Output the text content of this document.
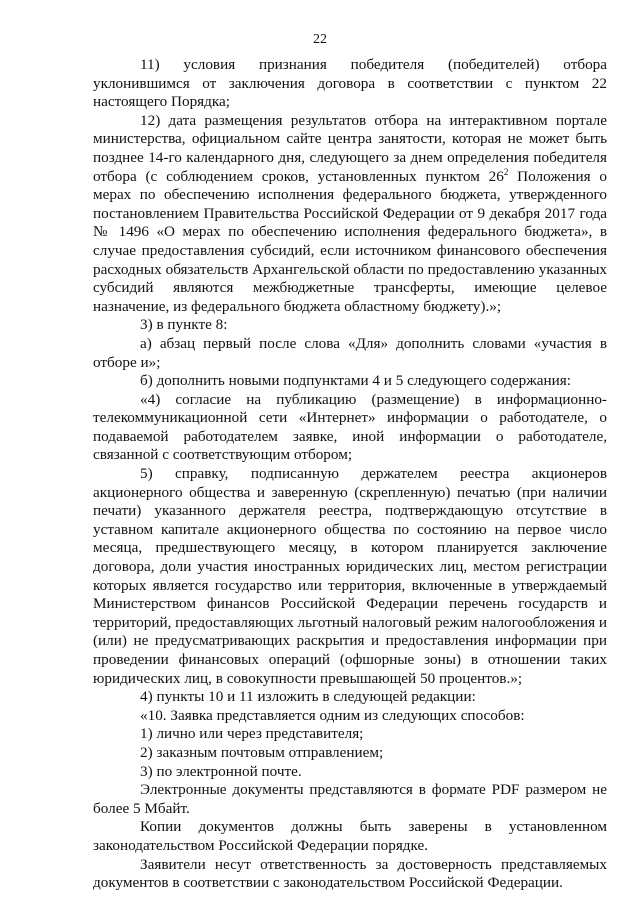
22

11) условия признания победителя (победителей) отбора уклонившимся от заключения договора в соответствии с пунктом 22 настоящего Порядка;

12) дата размещения результатов отбора на интерактивном портале министерства, официальном сайте центра занятости, которая не может быть позднее 14-го календарного дня, следующего за днем определения победителя отбора (с соблюдением сроков, установленных пунктом $26^2$ Положения о мерах по обеспечению исполнения федерального бюджета, утвержденного постановлением Правительства Российской Федерации от 9 декабря 2017 года № 1496 «О мерах по обеспечению исполнения федерального бюджета», в случае предоставления субсидий, если источником финансового обеспечения расходных обязательств Архангельской области по предоставлению указанных субсидий являются межбюджетные трансферты, имеющие целевое назначение, из федерального бюджета областному бюджету).»;

3) в пункте 8:

а) абзац первый после слова «Для» дополнить словами «участия в отборе и»;

б) дополнить новыми подпунктами 4 и 5 следующего содержания:

«4) согласие на публикацию (размещение) в информационно-телекоммуникационной сети «Интернет» информации о работодателе, о подаваемой работодателем заявке, иной информации о работодателе, связанной с соответствующим отбором;

5) справку, подписанную держателем реестра акционеров акционерного общества и заверенную (скрепленную) печатью (при наличии печати) указанного держателя реестра, подтверждающую отсутствие в уставном капитале акционерного общества по состоянию на первое число месяца, предшествующего месяцу, в котором планируется заключение договора, доли участия иностранных юридических лиц, местом регистрации которых является государство или территория, включенные в утверждаемый Министерством финансов Российской Федерации перечень государств и территорий, предоставляющих льготный налоговый режим налогообложения и (или) не предусматривающих раскрытия и предоставления информации при проведении финансовых операций (офшорные зоны) в отношении таких юридических лиц, в совокупности превышающей 50 процентов.»;

4) пункты 10 и 11 изложить в следующей редакции:

«10. Заявка представляется одним из следующих способов:

1) лично или через представителя;

2) заказным почтовым отправлением;

3) по электронной почте.

Электронные документы представляются в формате PDF размером не более 5 Мбайт.

Копии документов должны быть заверены в установленном законодательством Российской Федерации порядке.

Заявители несут ответственность за достоверность представляемых документов в соответствии с законодательством Российской Федерации.
